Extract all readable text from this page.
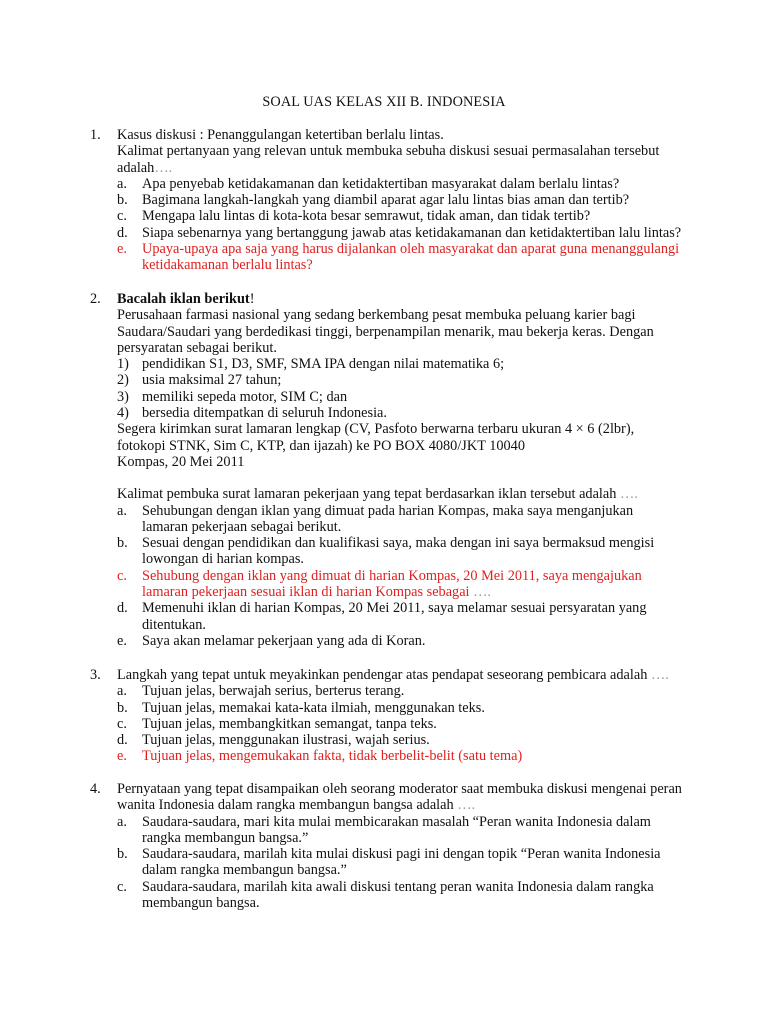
SOAL UAS KELAS XII B. INDONESIA
1. Kasus diskusi : Penanggulangan ketertiban berlalu lintas.
Kalimat pertanyaan yang relevan untuk membuka sebuha diskusi sesuai permasalahan tersebut
adalah….
a. Apa penyebab ketidakamanan dan ketidaktertiban masyarakat dalam berlalu lintas?
b. Bagimana langkah-langkah yang diambil aparat agar lalu lintas bias aman dan tertib?
c. Mengapa lalu lintas di kota-kota besar semrawut, tidak aman, dan tidak tertib?
d. Siapa sebenarnya yang bertanggung jawab atas ketidakamanan dan ketidaktertiban lalu lintas?
e. Upaya-upaya apa saja yang harus dijalankan oleh masyarakat dan aparat guna menanggulangi ketidakamanan berlalu lintas?
2. Bacalah iklan berikut!
Perusahaan farmasi nasional yang sedang berkembang pesat membuka peluang karier bagi Saudara/Saudari yang berdedikasi tinggi, berpenampilan menarik, mau bekerja keras. Dengan persyaratan sebagai berikut.
1) pendidikan S1, D3, SMF, SMA IPA dengan nilai matematika 6;
2) usia maksimal 27 tahun;
3) memiliki sepeda motor, SIM C; dan
4) bersedia ditempatkan di seluruh Indonesia.
Segera kirimkan surat lamaran lengkap (CV, Pasfoto berwarna terbaru ukuran 4 × 6 (2lbr), fotokopi STNK, Sim C, KTP, dan ijazah) ke PO BOX 4080/JKT 10040
Kompas, 20 Mei 2011
Kalimat pembuka surat lamaran pekerjaan yang tepat berdasarkan iklan tersebut adalah ….
a. Sehubungan dengan iklan yang dimuat pada harian Kompas, maka saya menganjukan lamaran pekerjaan sebagai berikut.
b. Sesuai dengan pendidikan dan kualifikasi saya, maka dengan ini saya bermaksud mengisi lowongan di harian kompas.
c. Sehubung dengan iklan yang dimuat di harian Kompas, 20 Mei 2011, saya mengajukan lamaran pekerjaan sesuai iklan di harian Kompas sebagai ….
d. Memenuhi iklan di harian Kompas, 20 Mei 2011, saya melamar sesuai persyaratan yang ditentukan.
e. Saya akan melamar pekerjaan yang ada di Koran.
3. Langkah yang tepat untuk meyakinkan pendengar atas pendapat seseorang pembicara adalah ….
a. Tujuan jelas, berwajah serius, berterus terang.
b. Tujuan jelas, memakai kata-kata ilmiah, menggunakan teks.
c. Tujuan jelas, membangkitkan semangat, tanpa teks.
d. Tujuan jelas, menggunakan ilustrasi, wajah serius.
e. Tujuan jelas, mengemukakan fakta, tidak berbelit-belit (satu tema)
4. Pernyataan yang tepat disampaikan oleh seorang moderator saat membuka diskusi mengenai peran wanita Indonesia dalam rangka membangun bangsa adalah ….
a. Saudara-saudara, mari kita mulai membicarakan masalah “Peran wanita Indonesia dalam rangka membangun bangsa.”
b. Saudara-saudara, marilah kita mulai diskusi pagi ini dengan topik “Peran wanita Indonesia dalam rangka membangun bangsa.”
c. Saudara-saudara, marilah kita awali diskusi tentang peran wanita Indonesia dalam rangka membangun bangsa.
